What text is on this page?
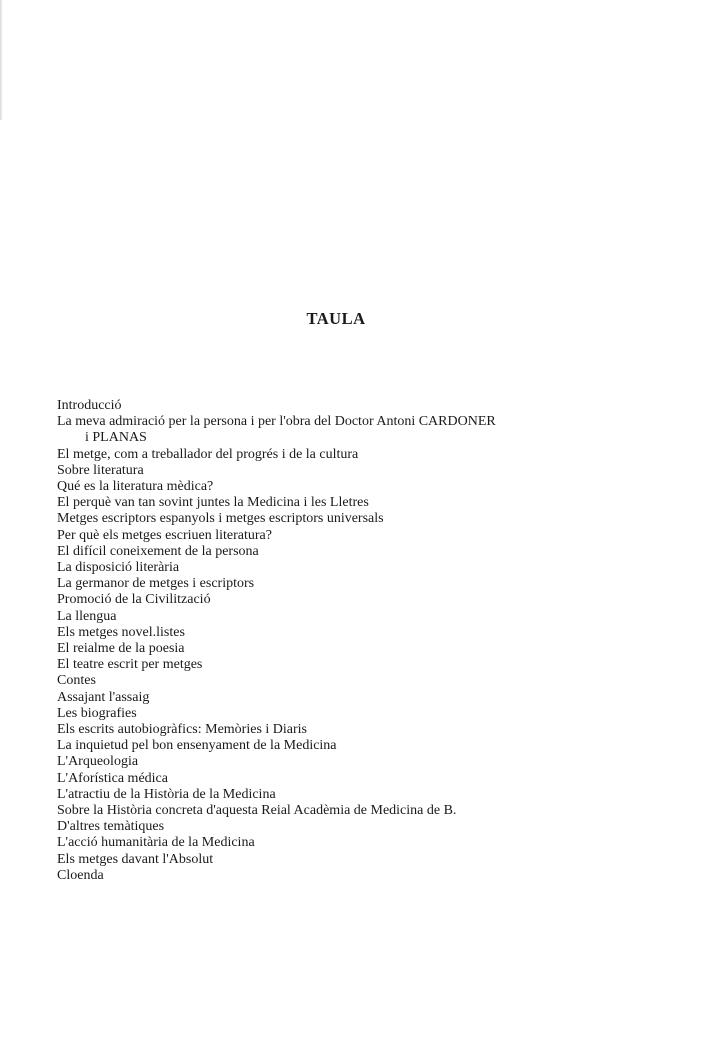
TAULA
Introducció
La meva admiració per la persona i per l'obra del Doctor Antoni CARDONER
i PLANAS
El metge, com a treballador del progrés i de la cultura
Sobre literatura
Qué es la literatura mèdica?
El perquè van tan sovint juntes la Medicina i les Lletres
Metges escriptors espanyols i metges escriptors universals
Per què els metges escriuen literatura?
El difícil coneixement de la persona
La disposició literària
La germanor de metges i escriptors
Promoció de la Civilització
La llengua
Els metges novel.listes
El reialme de la poesia
El teatre escrit per metges
Contes
Assajant l'assaig
Les biografies
Els escrits autobiogràfics: Memòries i Diaris
La inquietud pel bon ensenyament de la Medicina
L'Arqueologia
L'Aforística médica
L'atractiu de la Història de la Medicina
Sobre la Història concreta d'aquesta Reial Acadèmia de Medicina de B.
D'altres temàtiques
L'acció humanitària de la Medicina
Els metges davant l'Absolut
Cloenda
